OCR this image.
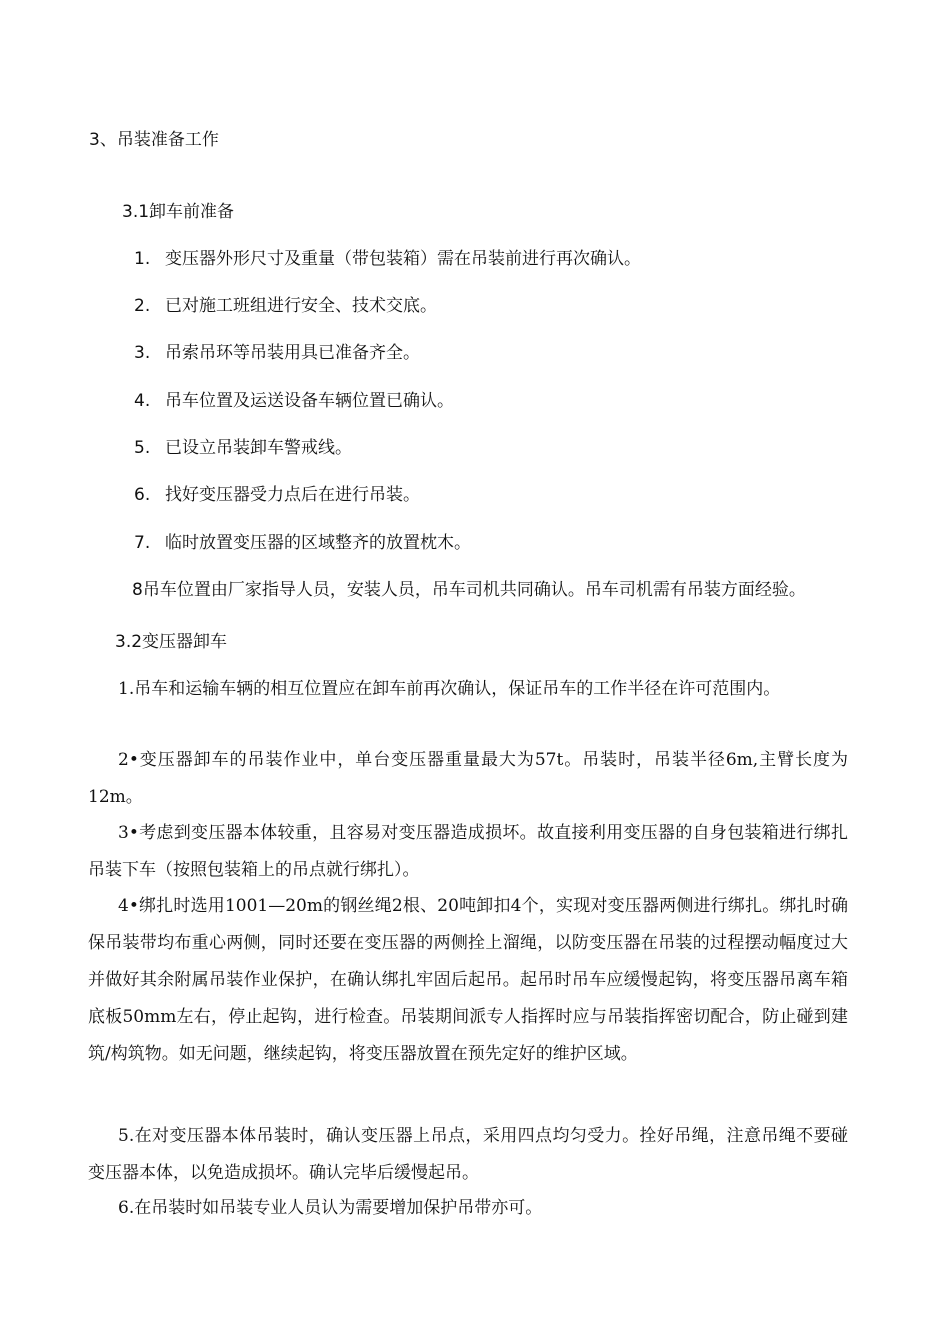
3、吊装准备工作
3.1卸车前准备
1. 变压器外形尺寸及重量（带包装箱）需在吊装前进行再次确认。
2. 已对施工班组进行安全、技术交底。
3. 吊索吊环等吊装用具已准备齐全。
4. 吊车位置及运送设备车辆位置已确认。
5. 已设立吊装卸车警戒线。
6. 找好变压器受力点后在进行吊装。
7. 临时放置变压器的区域整齐的放置枕木。
8吊车位置由厂家指导人员，安装人员，吊车司机共同确认。吊车司机需有吊装方面经验。
3.2变压器卸车

1.吊车和运输车辆的相互位置应在卸车前再次确认，保证吊车的工作半径在许可范围内。

2•变压器卸车的吊装作业中，单台变压器重量最大为57t。吊装时，吊装半径6m,主臂长度为12m。

3•考虑到变压器本体较重，且容易对变压器造成损坏。故直接利用变压器的自身包装箱进行绑扎吊装下车（按照包装箱上的吊点就行绑扎）。

4•绑扎时选用1001—20m的钢丝绳2根、20吨卸扣4个，实现对变压器两侧进行绑扎。绑扎时确保吊装带均布重心两侧，同时还要在变压器的两侧拴上溜绳，以防变压器在吊装的过程摆动幅度过大并做好其余附属吊装作业保护，在确认绑扎牢固后起吊。起吊时吊车应缓慢起钩，将变压器吊离车箱底板50mm左右，停止起钩，进行检查。吊装期间派专人指挥时应与吊装指挥密切配合，防止碰到建筑/构筑物。如无问题，继续起钩，将变压器放置在预先定好的维护区域。

5.在对变压器本体吊装时，确认变压器上吊点，采用四点均匀受力。拴好吊绳，注意吊绳不要碰变压器本体，以免造成损坏。确认完毕后缓慢起吊。

6.在吊装时如吊装专业人员认为需要增加保护吊带亦可。
